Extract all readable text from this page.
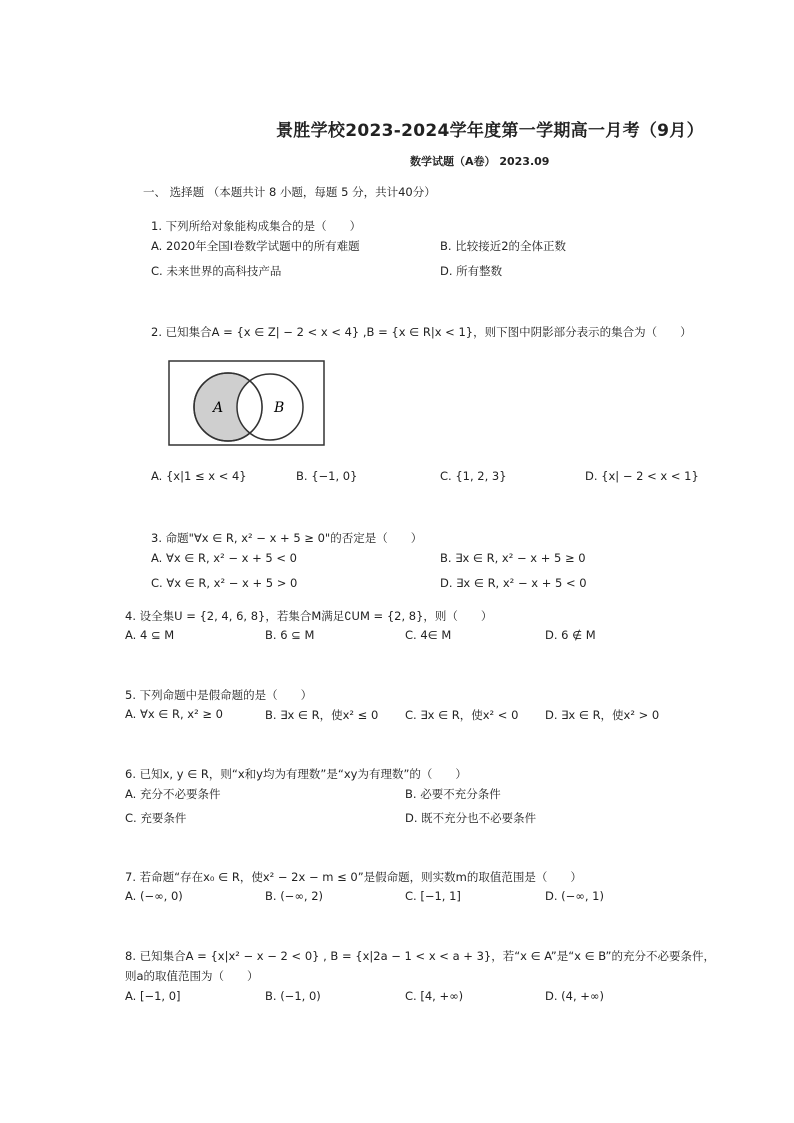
景胜学校2023-2024学年度第一学期高一月考（9月）
数学试题（A卷） 2023.09
一、 选择题 （本题共计 8 小题，每题 5 分，共计40分）
1. 下列所给对象能构成集合的是（　　）
A. 2020年全国Ⅰ卷数学试题中的所有难题	B. 比较接近2的全体正数
C. 未来世界的高科技产品	D. 所有整数
2. 已知集合A = {x ∈ Z| − 2 < x < 4} ,B = {x ∈ R|x < 1}，则下图中阴影部分表示的集合为（　　）
A	B
A. {x|1 ≤ x < 4}	B. {−1, 0}	C. {1, 2, 3}	D. {x| − 2 < x < 1}
3. 命题"∀x ∈ R, x² − x + 5 ≥ 0"的否定是（　　）
A. ∀x ∈ R, x² − x + 5 < 0	B. ∃x ∈ R, x² − x + 5 ≥ 0
C. ∀x ∈ R, x² − x + 5 > 0	D. ∃x ∈ R, x² − x + 5 < 0
4. 设全集U = {2, 4, 6, 8}，若集合M满足∁UM = {2, 8}，则（　　）
A. 4 ⊆ M	B. 6 ⊆ M	C. 4∈ M	D. 6 ∉ M
5. 下列命题中是假命题的是（　　）
A. ∀x ∈ R, x² ≥ 0	B. ∃x ∈ R，使x² ≤ 0 C. ∃x ∈ R，使x² < 0 D. ∃x ∈ R，使x² > 0
6. 已知x, y ∈ R，则“x和y均为有理数”是“xy为有理数”的（　　）
A. 充分不必要条件	B. 必要不充分条件
C. 充要条件	D. 既不充分也不必要条件
7. 若命题“存在x₀ ∈ R，使x² − 2x − m ≤ 0”是假命题，则实数m的取值范围是（　　）
A. (−∞, 0)	B. (−∞, 2)	C. [−1, 1]	D. (−∞, 1)
8. 已知集合A = {x|x² − x − 2 < 0} , B = {x|2a − 1 < x < a + 3}，若“x ∈ A”是“x ∈ B”的充分不必要条件，
则a的取值范围为（　　）
A. [−1, 0]	B. (−1, 0)	C. [4, +∞)	D. (4, +∞)
